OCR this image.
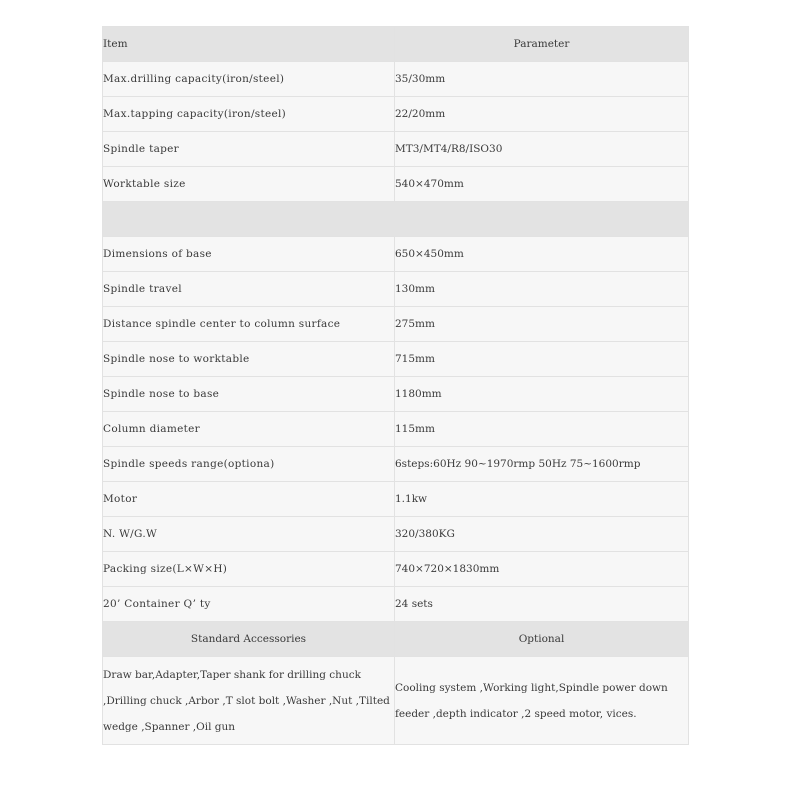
Item	Parameter
Max.drilling capacity(iron/steel)	35/30mm
Max.tapping capacity(iron/steel)	22/20mm
Spindle taper	MT3/MT4/R8/ISO30
Worktable size	540×470mm

Dimensions of base	650×450mm
Spindle travel	130mm
Distance spindle center to column surface	275mm
Spindle nose to worktable	715mm
Spindle nose to base	1180mm
Column diameter	115mm
Spindle speeds range(optiona)	6steps:60Hz 90~1970rmp 50Hz 75~1600rmp
Motor	1.1kw
N. W/G.W	320/380KG
Packing size(L×W×H)	740×720×1830mm
20’ Container Q’ ty	24 sets
Standard Accessories	Optional
Draw bar,Adapter,Taper shank for drilling chuck ,Drilling chuck ,Arbor ,T slot bolt ,Washer ,Nut ,Tilted wedge ,Spanner ,Oil gun	Cooling system ,Working light,Spindle power down feeder ,depth indicator ,2 speed motor, vices.
